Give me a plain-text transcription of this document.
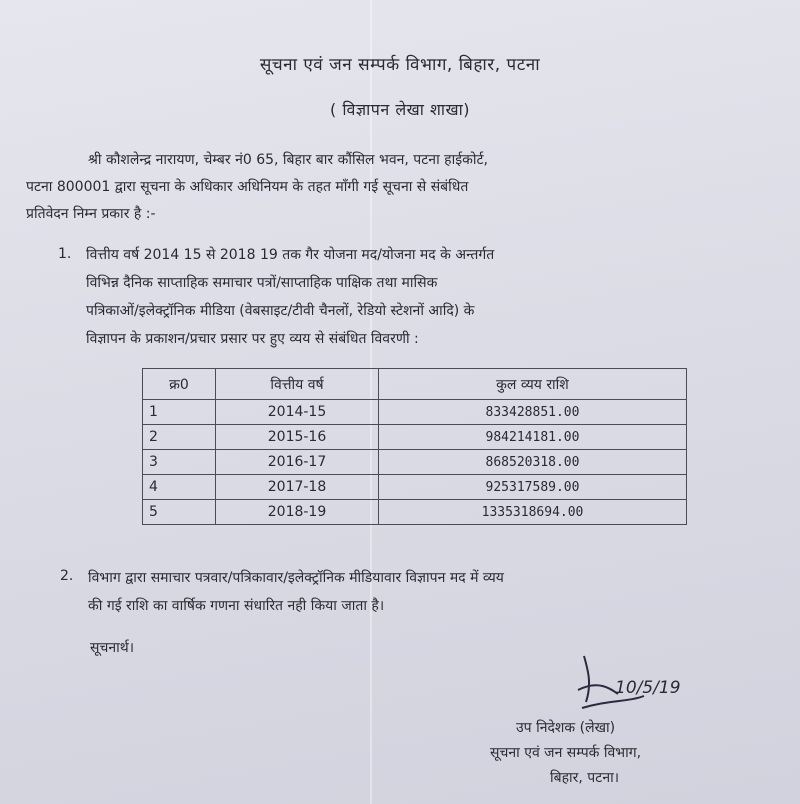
सूचना एवं जन सम्पर्क विभाग, बिहार, पटना
( विज्ञापन लेखा शाखा)
श्री कौशलेन्द्र नारायण, चेम्बर नं0 65, बिहार बार कौंसिल भवन, पटना हाईकोर्ट,
पटना 800001 द्वारा सूचना के अधिकार अधिनियम के तहत माँगी गई सूचना से संबंधित
प्रतिवेदन निम्न प्रकार है :-
1. वित्तीय वर्ष 2014 15 से 2018 19 तक गैर योजना मद/योजना मद के अन्तर्गत
विभिन्न दैनिक साप्ताहिक समाचार पत्रों/साप्ताहिक पाक्षिक तथा मासिक
पत्रिकाओं/इलेक्ट्रॉनिक मीडिया (वेबसाइट/टीवी चैनलों, रेडियो स्टेशनों आदि) के
विज्ञापन के प्रकाशन/प्रचार प्रसार पर हुए व्यय से संबंधित विवरणी :
क्र0	वित्तीय वर्ष	कुल व्यय राशि
1	2014-15	833428851.00
2	2015-16	984214181.00
3	2016-17	868520318.00
4	2017-18	925317589.00
5	2018-19	1335318694.00
2. विभाग द्वारा समाचार पत्रवार/पत्रिकावार/इलेक्ट्रॉनिक मीडियावार विज्ञापन मद में व्यय
की गई राशि का वार्षिक गणना संधारित नही किया जाता है।
सूचनार्थ।
10/5/19
उप निदेशक (लेखा)
सूचना एवं जन सम्पर्क विभाग,
बिहार, पटना।
